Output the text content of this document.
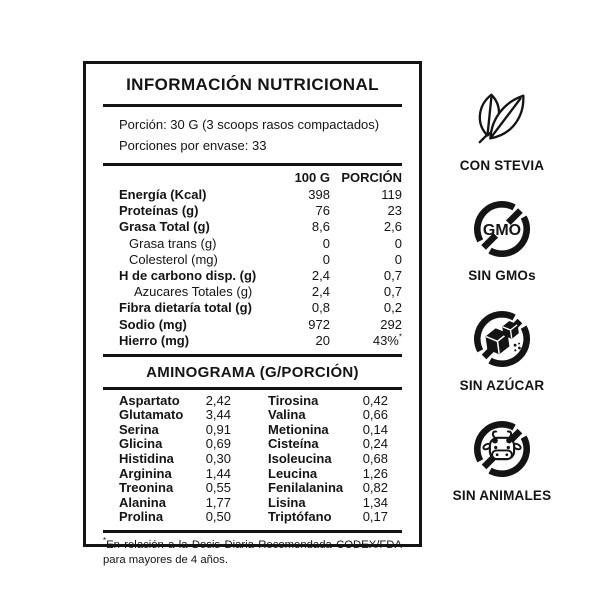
INFORMACIÓN NUTRICIONAL
Porción: 30 G (3 scoops rasos compactados)
Porciones por envase: 33
100 G PORCIÓN
Energía (Kcal)	398	119
Proteínas (g)	76	23
Grasa Total (g)	8,6	2,6
Grasa trans (g)	0	0
Colesterol (mg)	0	0
H de carbono disp. (g)	2,4	0,7
Azucares Totales (g)	2,4	0,7
Fibra dietaría total (g)	0,8	0,2
Sodio (mg)	972	292
Hierro (mg)	20	43%*
AMINOGRAMA (G/PORCIÓN)
Aspartato	2,42	Tirosina	0,42
Glutamato	3,44	Valina	0,66
Serina	0,91	Metionina	0,14
Glicina	0,69	Cisteína	0,24
Histidina	0,30	Isoleucina	0,68
Arginina	1,44	Leucina	1,26
Treonina	0,55	Fenilalanina	0,82
Alanina	1,77	Lisina	1,34
Prolina	0,50	Triptófano	0,17
*En relación a la Dosis Diaria Recomendada CODEX/FDA para mayores de 4 años.
CON STEVIA
GMO
SIN GMOs
SIN AZÚCAR
SIN ANIMALES
